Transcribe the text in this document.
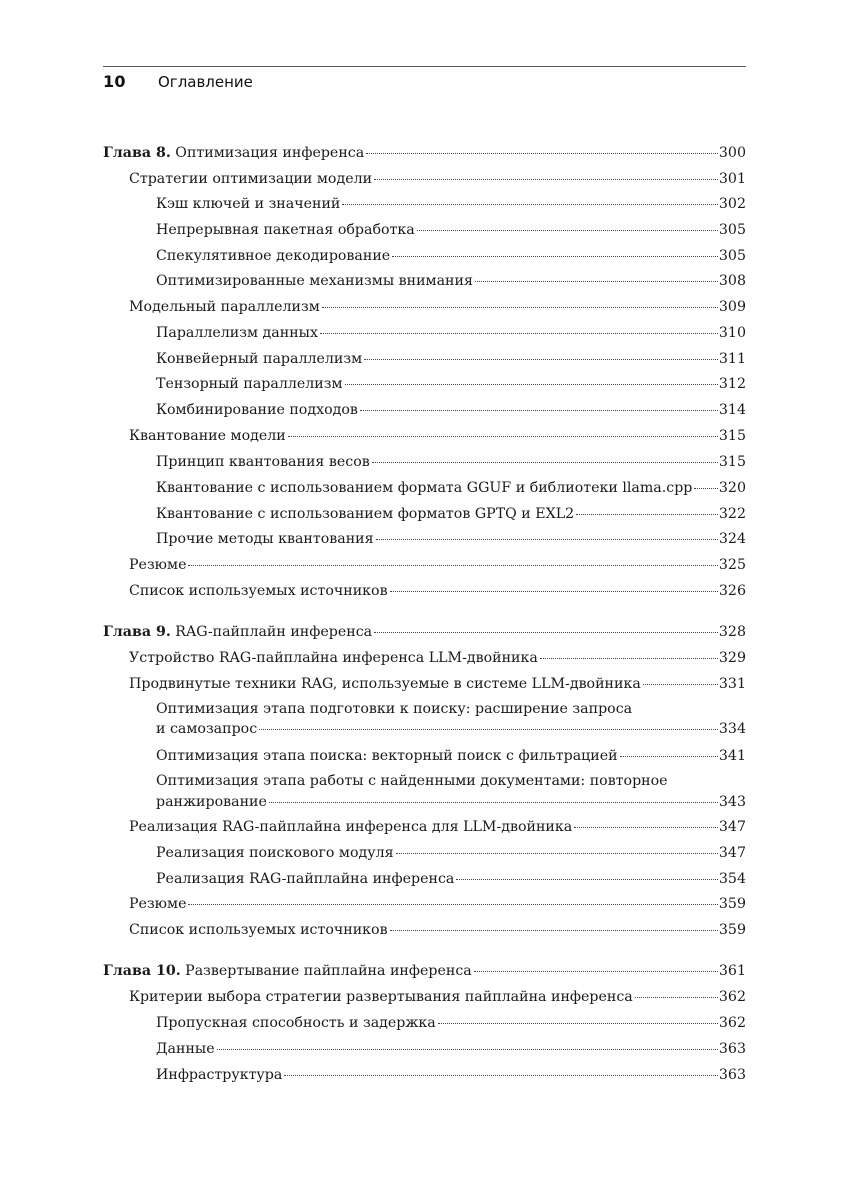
10 Оглавление
Глава 8. Оптимизация инференса	300
Стратегии оптимизации модели	301
Кэш ключей и значений	302
Непрерывная пакетная обработка	305
Спекулятивное декодирование	305
Оптимизированные механизмы внимания	308
Модельный параллелизм	309
Параллелизм данных	310
Конвейерный параллелизм	311
Тензорный параллелизм	312
Комбинирование подходов	314
Квантование модели	315
Принцип квантования весов	315
Квантование с использованием формата GGUF и библиотеки llama.cpp 320
Квантование с использованием форматов GPTQ и EXL2	322
Прочие методы квантования	324
Резюме	325
Список используемых источников	326
Глава 9. RAG-пайплайн инференса	328
Устройство RAG-пайплайна инференса LLM-двойника	329
Продвинутые техники RAG, используемые в системе LLM-двойника	331
Оптимизация этапа подготовки к поиску: расширение запроса
и самозапрос	334
Оптимизация этапа поиска: векторный поиск с фильтрацией	341
Оптимизация этапа работы с найденными документами: повторное
ранжирование	343
Реализация RAG-пайплайна инференса для LLM-двойника	347
Реализация поискового модуля	347
Реализация RAG-пайплайна инференса	354
Резюме	359
Список используемых источников	359
Глава 10. Развертывание пайплайна инференса	361
Критерии выбора стратегии развертывания пайплайна инференса	362
Пропускная способность и задержка	362
Данные	363
Инфраструктура	363
